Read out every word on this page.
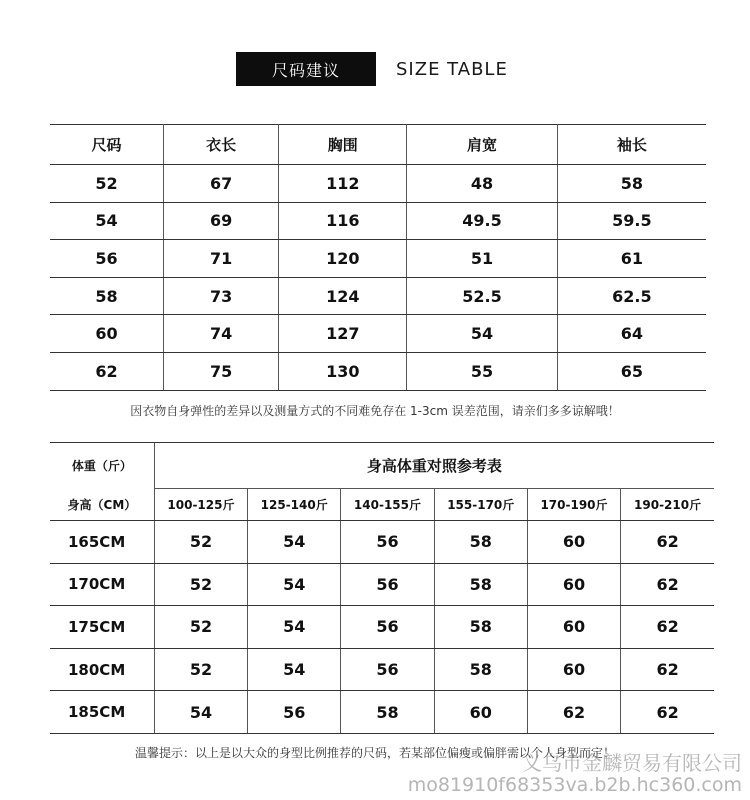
尺码建议	SIZE TABLE
尺码	衣长	胸围	肩宽	袖长
52	67	112	48	58
54	69	116	49.5	59.5
56	71	120	51	61
58	73	124	52.5	62.5
60	74	127	54	64
62	75	130	55	65
因衣物自身弹性的差异以及测量方式的不同难免存在 1-3cm 误差范围，请亲们多多谅解哦！
体重（斤）	身高体重对照参考表					
身高（CM）	100-125斤	125-140斤	140-155斤	155-170斤	170-190斤	190-210斤
165CM	52	54	56	58	60	62
170CM	52	54	56	58	60	62
175CM	52	54	56	58	60	62
180CM	52	54	56	58	60	62
185CM	54	56	58	60	62	62
温馨提示：以上是以大众的身型比例推荐的尺码，若某部位偏瘦或偏胖需以个人身型而定！
义乌市金麟贸易有限公司
mo81910f68353va.b2b.hc360.com
